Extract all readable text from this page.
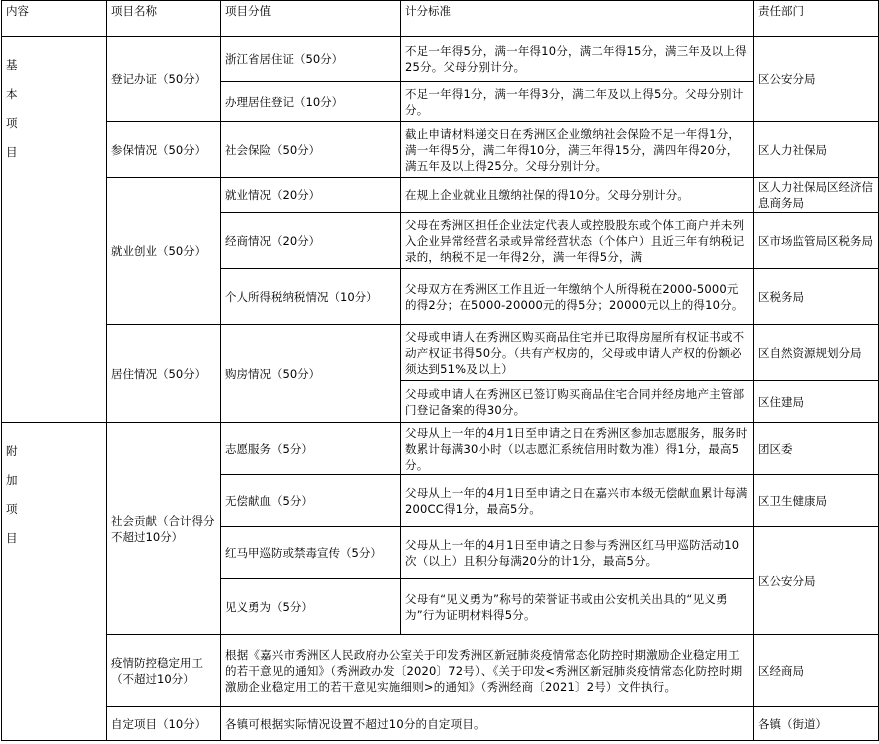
内容	项目名称	项目分值	计分标准	责任部门

基
本
项
目	登记办证（50分）	浙江省居住证（50分）	不足一年得5分，满一年得10分，满二年得15分，满三年及以上得25分。父母分别计分。	区公安分局
		办理居住登记（10分）	不足一年得1分，满一年得3分，满二年及以上得5分。父母分别计分。	
	参保情况（50分）	社会保险（50分）	截止申请材料递交日在秀洲区企业缴纳社会保险不足一年得1分，满一年得5分，满二年得10分，满三年得15分，满四年得20分，满五年及以上得25分。父母分别计分。	区人力社保局
	就业创业（50分）	就业情况（20分）	在规上企业就业且缴纳社保的得10分。父母分别计分。	区人力社保局区经济信息商务局
		经商情况（20分）	父母在秀洲区担任企业法定代表人或控股股东或个体工商户并未列入企业异常经营名录或异常经营状态（个体户）且近三年有纳税记录的，纳税不足一年得2分，满一年得5分，满	区市场监管局区税务局
		个人所得税纳税情况（10分）	父母双方在秀洲区工作且近一年缴纳个人所得税在2000-5000元的得2分；在5000-20000元的得5分；20000元以上的得10分。	区税务局
	居住情况（50分）	购房情况（50分）	父母或申请人在秀洲区购买商品住宅并已取得房屋所有权证书或不动产权证书得50分。（共有产权房的，父母或申请人产权的份额必须达到51%及以上）	区自然资源规划分局
			父母或申请人在秀洲区已签订购买商品住宅合同并经房地产主管部门登记备案的得30分。	区住建局

附
加
项
目	社会贡献（合计得分不超过10分）	志愿服务（5分）	父母从上一年的4月1日至申请之日在秀洲区参加志愿服务，服务时数累计每满30小时（以志愿汇系统信用时数为准）得1分，最高5分。	团区委
		无偿献血（5分）	父母从上一年的4月1日至申请之日在嘉兴市本级无偿献血累计每满200CC得1分，最高5分。	区卫生健康局
		红马甲巡防或禁毒宣传（5分）	父母从上一年的4月1日至申请之日参与秀洲区红马甲巡防活动10次（以上）且积分每满20分的计1分，最高5分。	区公安分局
		见义勇为（5分）	父母有“见义勇为”称号的荣誉证书或由公安机关出具的“见义勇为”行为证明材料得5分。	
	疫情防控稳定用工（不超过10分）	根据《嘉兴市秀洲区人民政府办公室关于印发秀洲区新冠肺炎疫情常态化防控时期激励企业稳定用工的若干意见的通知》（秀洲政办发〔2020〕72号）、《关于印发<秀洲区新冠肺炎疫情常态化防控时期激励企业稳定用工的若干意见实施细则>的通知》（秀洲经商〔2021〕2号）文件执行。		区经商局
	自定项目（10分）	各镇可根据实际情况设置不超过10分的自定项目。		各镇（街道）
